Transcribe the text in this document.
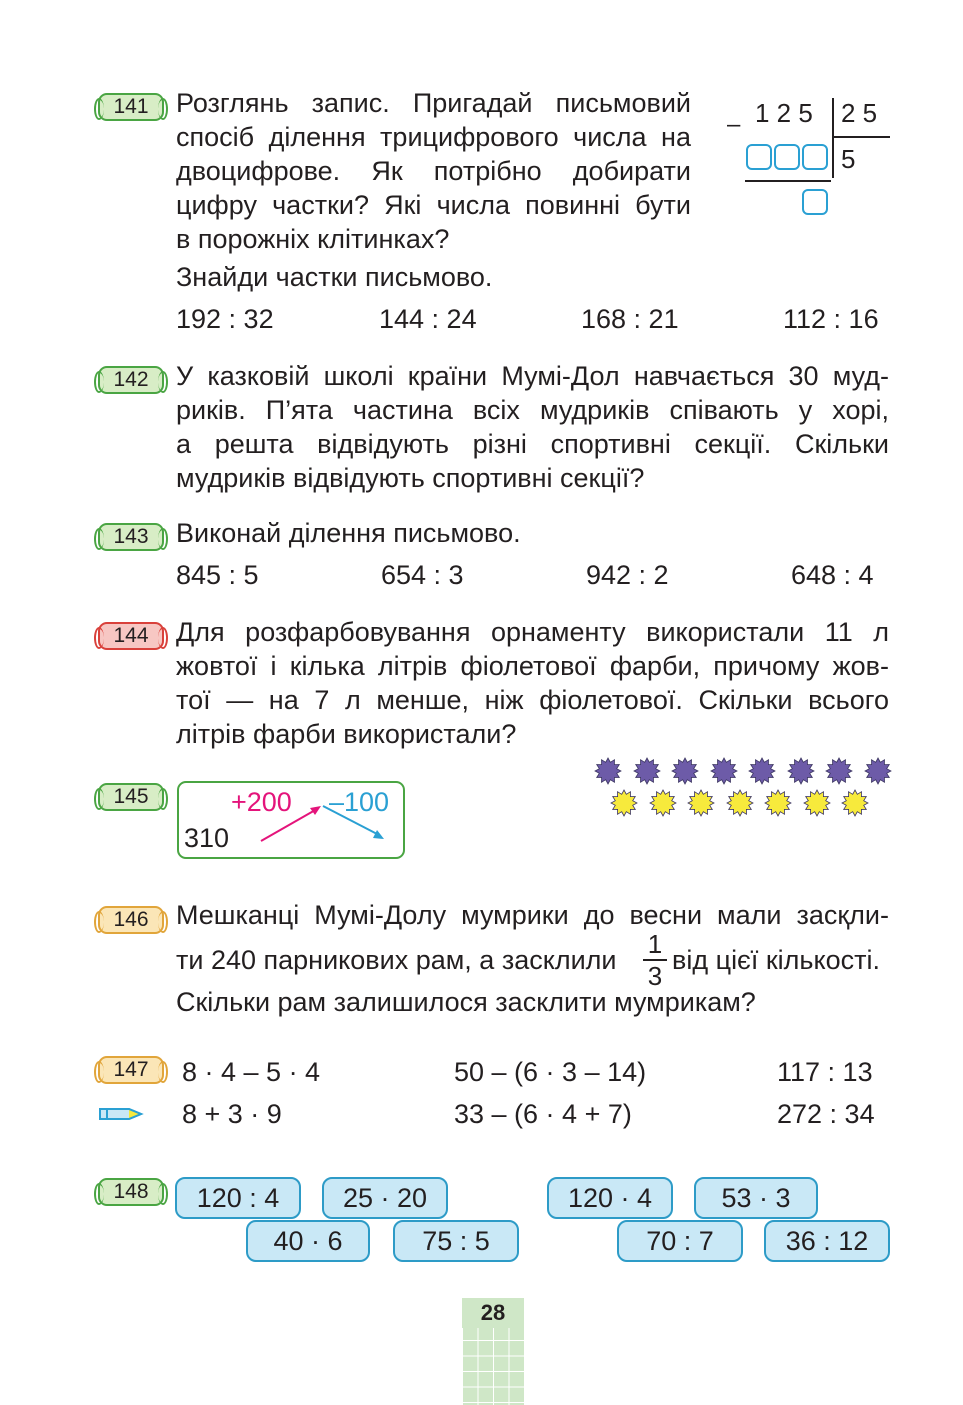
141	Розглянь запис. Пригадай письмовий
спосіб ділення трицифрового числа на
двоцифрове. Як потрібно добирати
цифру частки? Які числа повинні бути
в порожніх клітинках?
Знайди частки письмово.
192 : 32	144 : 24	168 : 21	112 : 16
– 1 2 5 2 5
5
142	У казковій школі країни Мумі-Дол навчається 30 муд-
риків. П’ята частина всіх мудриків співають у хорі,
а решта відвідують різні спортивні секції. Скільки
мудриків відвідують спортивні секції?
143	Виконай ділення письмово.
845 : 5	654 : 3	942 : 2	648 : 4
144	Для розфарбовування орнаменту використали 11 л
жовтої і кілька літрів фіолетової фарби, причому жов-
тої — на 7 л менше, ніж фіолетової. Скільки всього
літрів фарби використали?
145	+200 –100
310
146	Мешканці Мумі-Долу мумрики до весни мали засқли-
ти 240 парникових рам, а засклили
1
3
від цієї кількості.
Скільки рам залишилося засклити мумрикам?
147	8 · 4 – 5 · 4	50 – (6 · 3 – 14)	117 : 13
8 + 3 · 9	33 – (6 · 4 + 7)	272 : 34
148	120 : 4	25 · 20
40 · 6	75 : 5
120 · 4	53 · 3
70 : 7	36 : 12
28
